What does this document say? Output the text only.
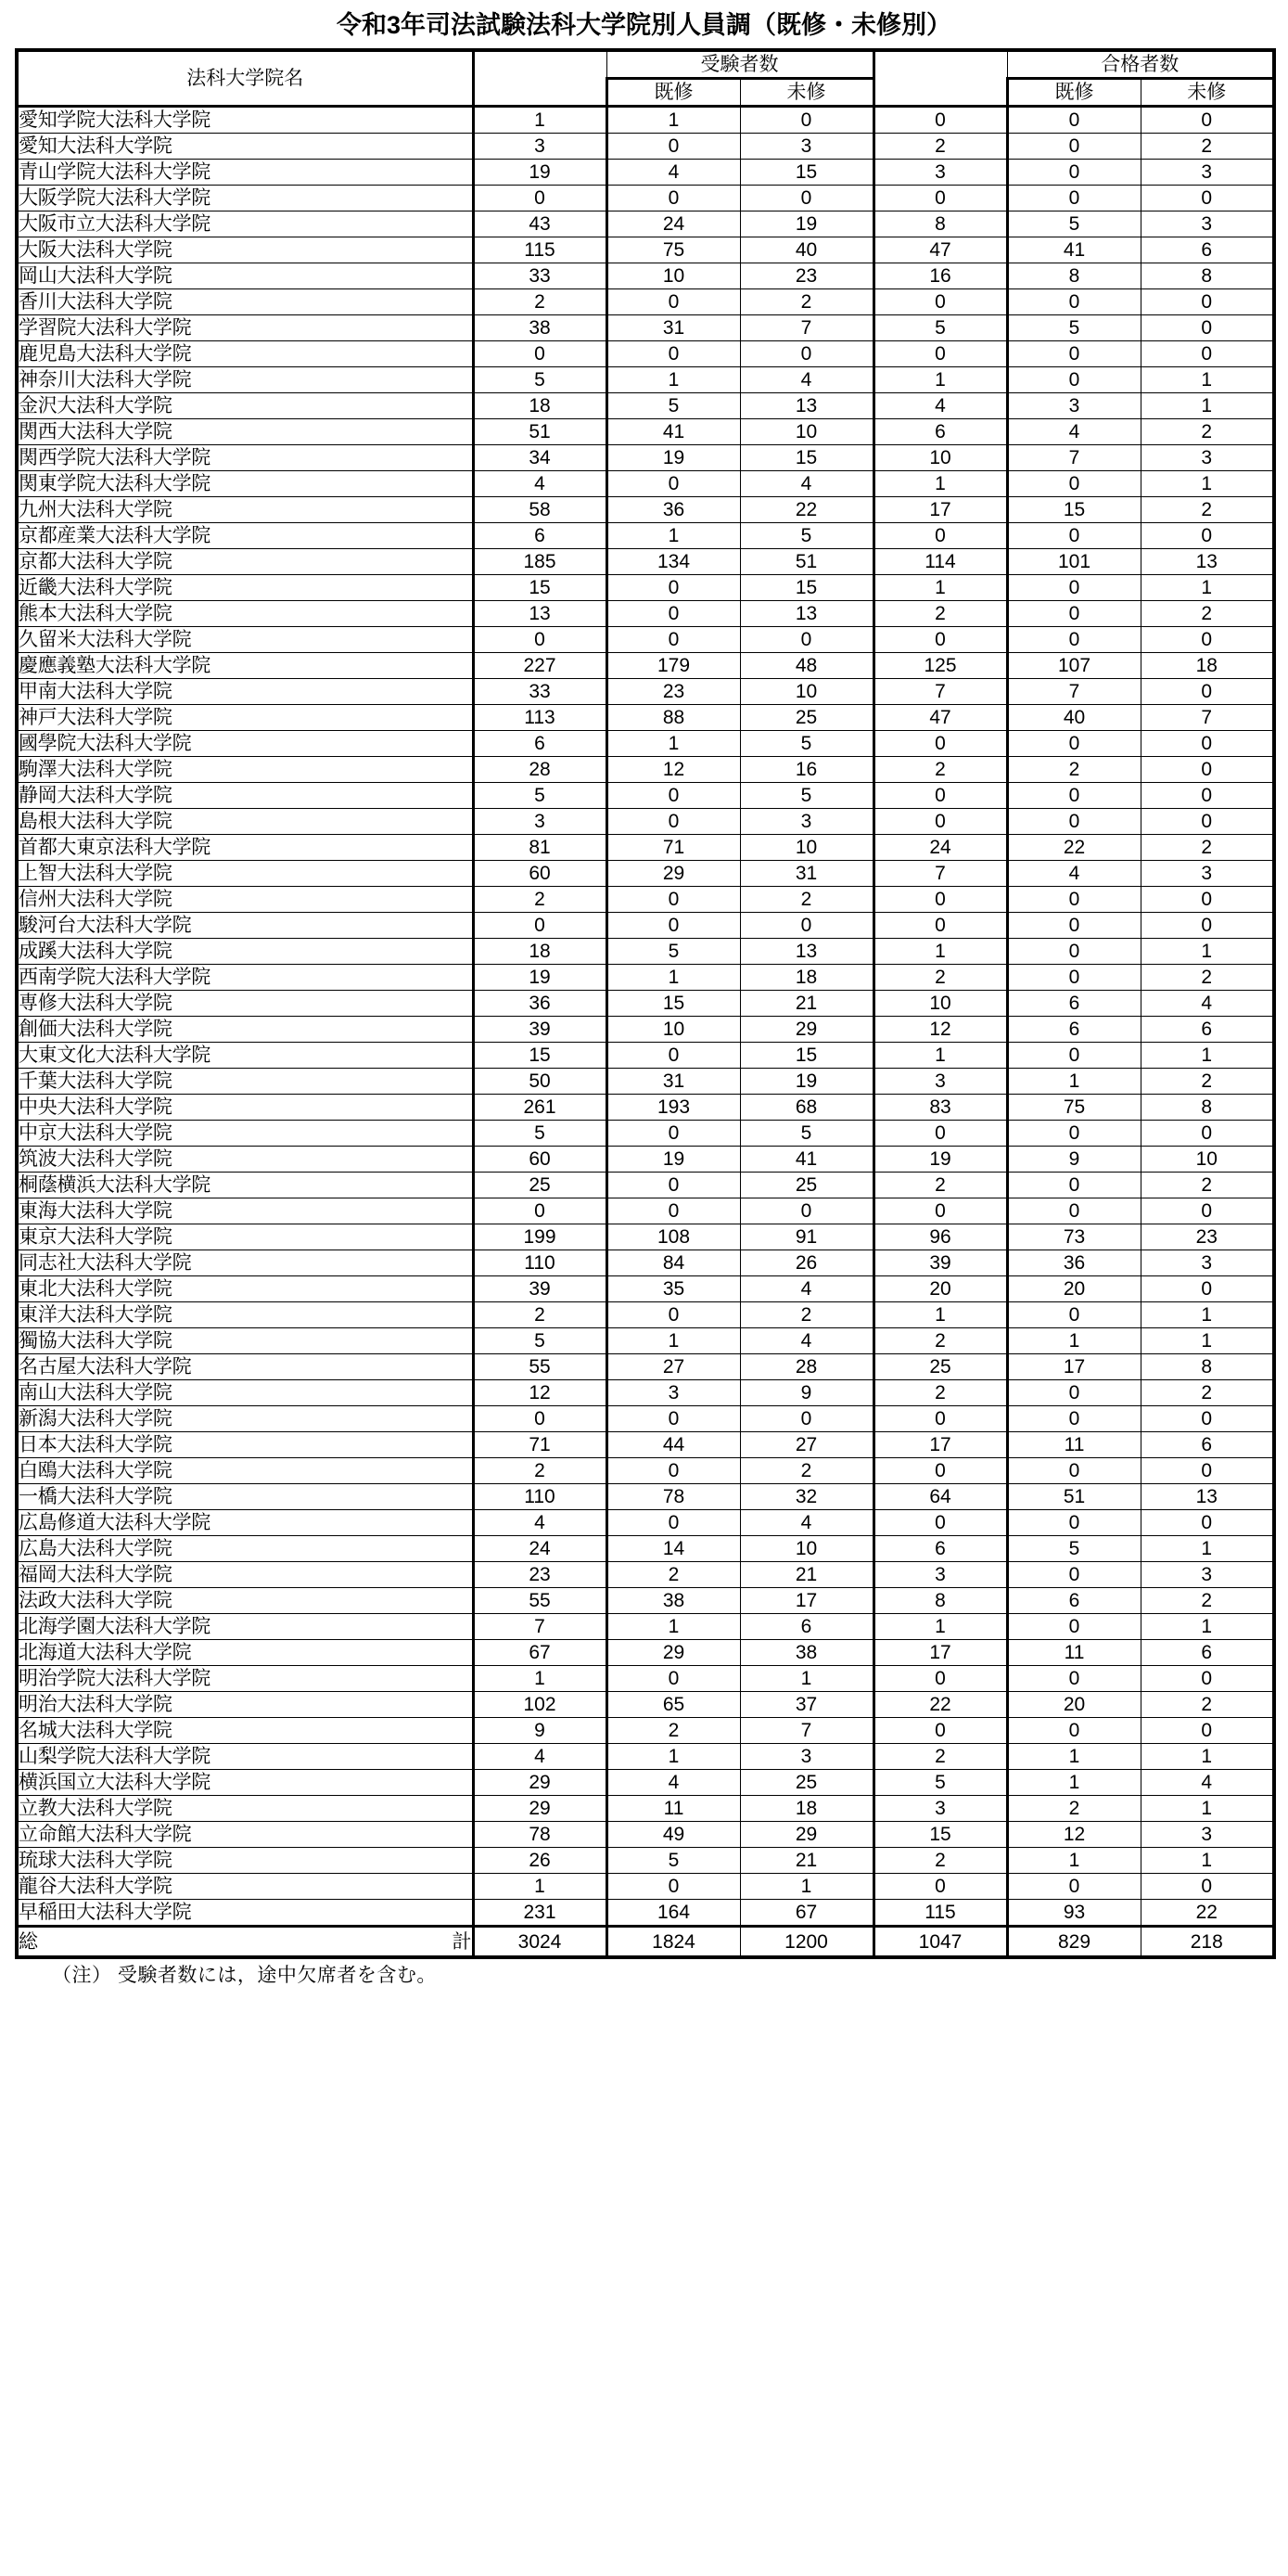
令和3年司法試験法科大学院別人員調（既修・未修別）
法科大学院名		受験者数			合格者数	
		既修	未修		既修	未修
愛知学院大法科大学院	1	1	0	0	0	0
愛知大法科大学院	3	0	3	2	0	2
青山学院大法科大学院	19	4	15	3	0	3
大阪学院大法科大学院	0	0	0	0	0	0
大阪市立大法科大学院	43	24	19	8	5	3
大阪大法科大学院	115	75	40	47	41	6
岡山大法科大学院	33	10	23	16	8	8
香川大法科大学院	2	0	2	0	0	0
学習院大法科大学院	38	31	7	5	5	0
鹿児島大法科大学院	0	0	0	0	0	0
神奈川大法科大学院	5	1	4	1	0	1
金沢大法科大学院	18	5	13	4	3	1
関西大法科大学院	51	41	10	6	4	2
関西学院大法科大学院	34	19	15	10	7	3
関東学院大法科大学院	4	0	4	1	0	1
九州大法科大学院	58	36	22	17	15	2
京都産業大法科大学院	6	1	5	0	0	0
京都大法科大学院	185	134	51	114	101	13
近畿大法科大学院	15	0	15	1	0	1
熊本大法科大学院	13	0	13	2	0	2
久留米大法科大学院	0	0	0	0	0	0
慶應義塾大法科大学院	227	179	48	125	107	18
甲南大法科大学院	33	23	10	7	7	0
神戸大法科大学院	113	88	25	47	40	7
國學院大法科大学院	6	1	5	0	0	0
駒澤大法科大学院	28	12	16	2	2	0
静岡大法科大学院	5	0	5	0	0	0
島根大法科大学院	3	0	3	0	0	0
首都大東京法科大学院	81	71	10	24	22	2
上智大法科大学院	60	29	31	7	4	3
信州大法科大学院	2	0	2	0	0	0
駿河台大法科大学院	0	0	0	0	0	0
成蹊大法科大学院	18	5	13	1	0	1
西南学院大法科大学院	19	1	18	2	0	2
専修大法科大学院	36	15	21	10	6	4
創価大法科大学院	39	10	29	12	6	6
大東文化大法科大学院	15	0	15	1	0	1
千葉大法科大学院	50	31	19	3	1	2
中央大法科大学院	261	193	68	83	75	8
中京大法科大学院	5	0	5	0	0	0
筑波大法科大学院	60	19	41	19	9	10
桐蔭横浜大法科大学院	25	0	25	2	0	2
東海大法科大学院	0	0	0	0	0	0
東京大法科大学院	199	108	91	96	73	23
同志社大法科大学院	110	84	26	39	36	3
東北大法科大学院	39	35	4	20	20	0
東洋大法科大学院	2	0	2	1	0	1
獨協大法科大学院	5	1	4	2	1	1
名古屋大法科大学院	55	27	28	25	17	8
南山大法科大学院	12	3	9	2	0	2
新潟大法科大学院	0	0	0	0	0	0
日本大法科大学院	71	44	27	17	11	6
白鴎大法科大学院	2	0	2	0	0	0
一橋大法科大学院	110	78	32	64	51	13
広島修道大法科大学院	4	0	4	0	0	0
広島大法科大学院	24	14	10	6	5	1
福岡大法科大学院	23	2	21	3	0	3
法政大法科大学院	55	38	17	8	6	2
北海学園大法科大学院	7	1	6	1	0	1
北海道大法科大学院	67	29	38	17	11	6
明治学院大法科大学院	1	0	1	0	0	0
明治大法科大学院	102	65	37	22	20	2
名城大法科大学院	9	2	7	0	0	0
山梨学院大法科大学院	4	1	3	2	1	1
横浜国立大法科大学院	29	4	25	5	1	4
立教大法科大学院	29	11	18	3	2	1
立命館大法科大学院	78	49	29	15	12	3
琉球大法科大学院	26	5	21	2	1	1
龍谷大法科大学院	1	0	1	0	0	0
早稲田大法科大学院	231	164	67	115	93	22

総 計	3024	1824	1200	1047	829	218
（注） 受験者数には，途中欠席者を含む。
